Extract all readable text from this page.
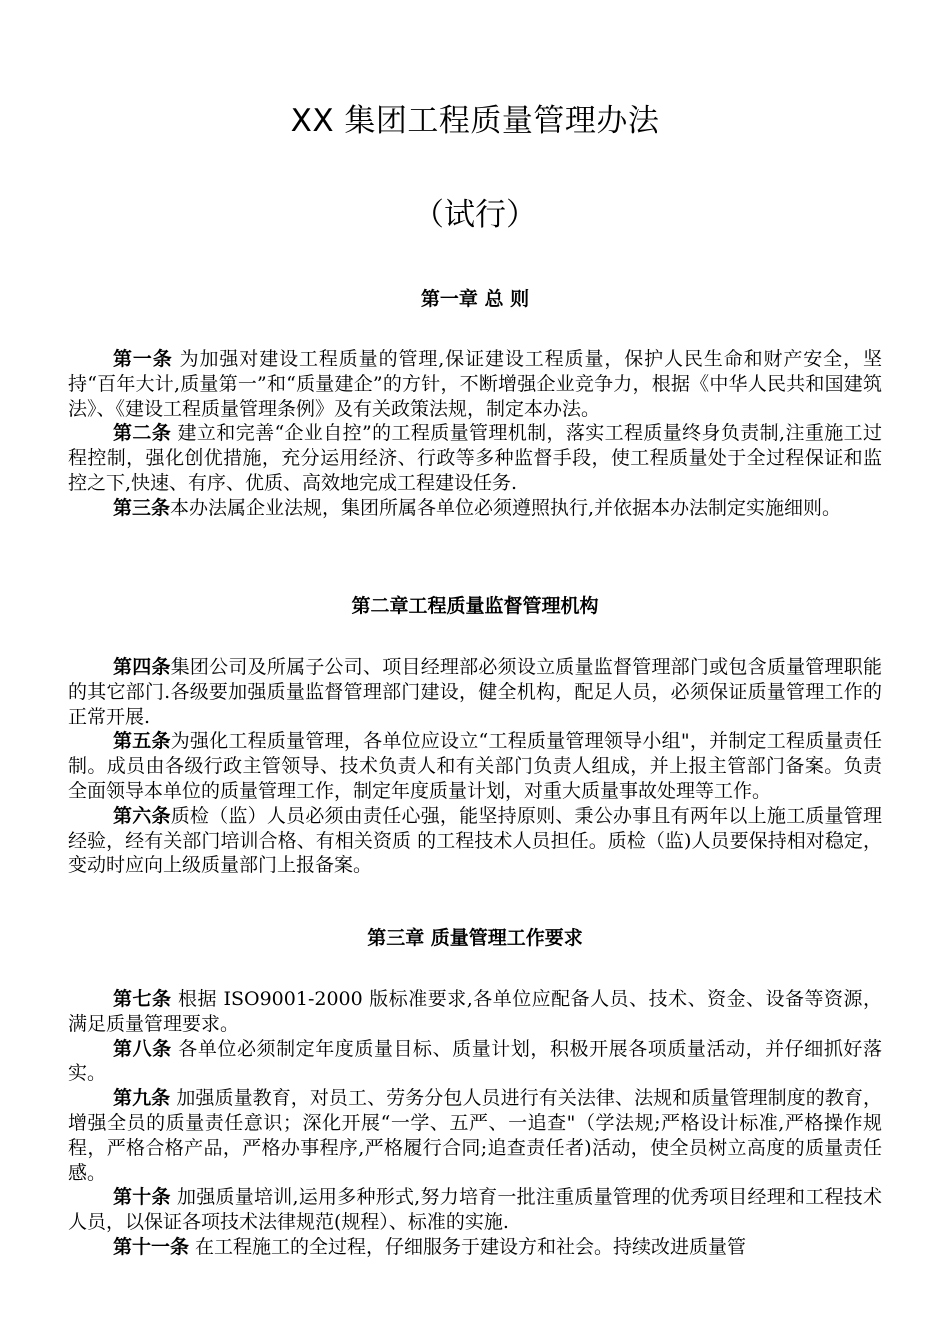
XX 集团工程质量管理办法
（试行）
第一章 总 则

第一条 为加强对建设工程质量的管理,保证建设工程质量，保护人民生命和财产安全，坚持“百年大计,质量第一”和“质量建企”的方针，不断增强企业竞争力，根据《中华人民共和国建筑法》、《建设工程质量管理条例》及有关政策法规，制定本办法。

第二条 建立和完善“企业自控”的工程质量管理机制，落实工程质量终身负责制,注重施工过程控制，强化创优措施，充分运用经济、行政等多种监督手段，使工程质量处于全过程保证和监控之下,快速、有序、优质、高效地完成工程建设任务.

第三条本办法属企业法规，集团所属各单位必须遵照执行,并依据本办法制定实施细则。

第二章工程质量监督管理机构

第四条集团公司及所属子公司、项目经理部必须设立质量监督管理部门或包含质量管理职能的其它部门.各级要加强质量监督管理部门建设，健全机构，配足人员，必须保证质量管理工作的正常开展.

第五条为强化工程质量管理，各单位应设立“工程质量管理领导小组"，并制定工程质量责任制。成员由各级行政主管领导、技术负责人和有关部门负责人组成，并上报主管部门备案。负责全面领导本单位的质量管理工作，制定年度质量计划，对重大质量事故处理等工作。

第六条质检（监）人员必须由责任心强，能坚持原则、秉公办事且有两年以上施工质量管理经验，经有关部门培训合格、有相关资质 的工程技术人员担任。质检（监)人员要保持相对稳定，变动时应向上级质量部门上报备案。

第三章 质量管理工作要求

第七条 根据 ISO9001-2000 版标准要求,各单位应配备人员、技术、资金、设备等资源，满足质量管理要求。

第八条 各单位必须制定年度质量目标、质量计划，积极开展各项质量活动，并仔细抓好落实。

第九条 加强质量教育，对员工、劳务分包人员进行有关法律、法规和质量管理制度的教育，增强全员的质量责任意识；深化开展“一学、五严、一追查"（学法规;严格设计标准,严格操作规程，严格合格产品，严格办事程序,严格履行合同;追查责任者)活动，使全员树立高度的质量责任感。

第十条 加强质量培训,运用多种形式,努力培育一批注重质量管理的优秀项目经理和工程技术人员，以保证各项技术法律规范(规程）、标准的实施.

第十一条 在工程施工的全过程，仔细服务于建设方和社会。持续改进质量管
